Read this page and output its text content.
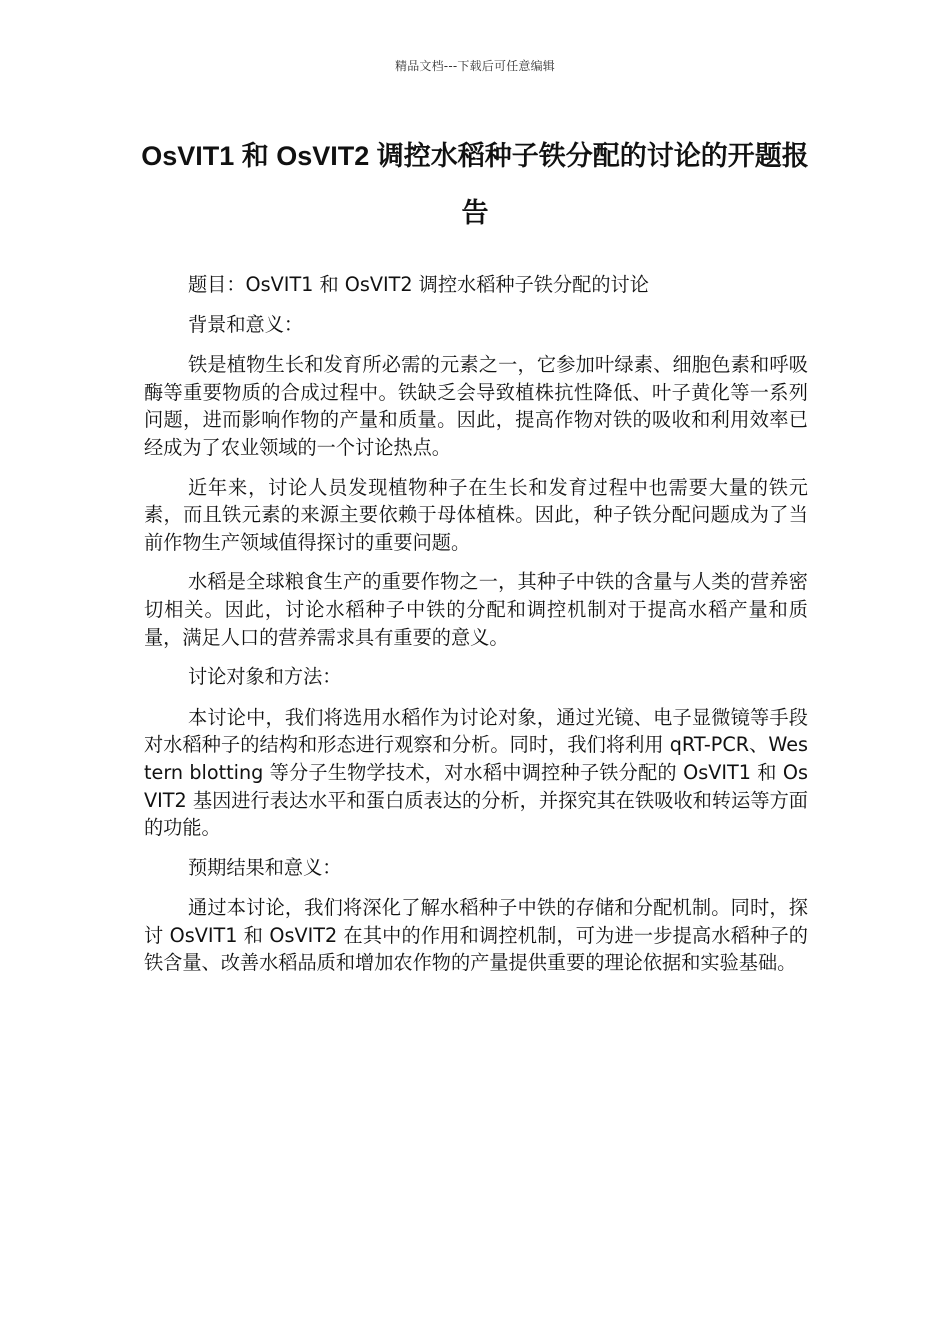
精品文档---下载后可任意编辑
OsVIT1 和 OsVIT2 调控水稻种子铁分配的讨论的开题报告

题目：OsVIT1 和 OsVIT2 调控水稻种子铁分配的讨论

背景和意义：

铁是植物生长和发育所必需的元素之一，它参加叶绿素、细胞色素和呼吸酶等重要物质的合成过程中。铁缺乏会导致植株抗性降低、叶子黄化等一系列问题，进而影响作物的产量和质量。因此，提高作物对铁的吸收和利用效率已经成为了农业领域的一个讨论热点。

近年来，讨论人员发现植物种子在生长和发育过程中也需要大量的铁元素，而且铁元素的来源主要依赖于母体植株。因此，种子铁分配问题成为了当前作物生产领域值得探讨的重要问题。

水稻是全球粮食生产的重要作物之一，其种子中铁的含量与人类的营养密切相关。因此，讨论水稻种子中铁的分配和调控机制对于提高水稻产量和质量，满足人口的营养需求具有重要的意义。

讨论对象和方法：

本讨论中，我们将选用水稻作为讨论对象，通过光镜、电子显微镜等手段对水稻种子的结构和形态进行观察和分析。同时，我们将利用 qRT-PCR、Western blotting 等分子生物学技术，对水稻中调控种子铁分配的 OsVIT1 和 OsVIT2 基因进行表达水平和蛋白质表达的分析，并探究其在铁吸收和转运等方面的功能。

预期结果和意义：

通过本讨论，我们将深化了解水稻种子中铁的存储和分配机制。同时，探讨 OsVIT1 和 OsVIT2 在其中的作用和调控机制，可为进一步提高水稻种子的铁含量、改善水稻品质和增加农作物的产量提供重要的理论依据和实验基础。
